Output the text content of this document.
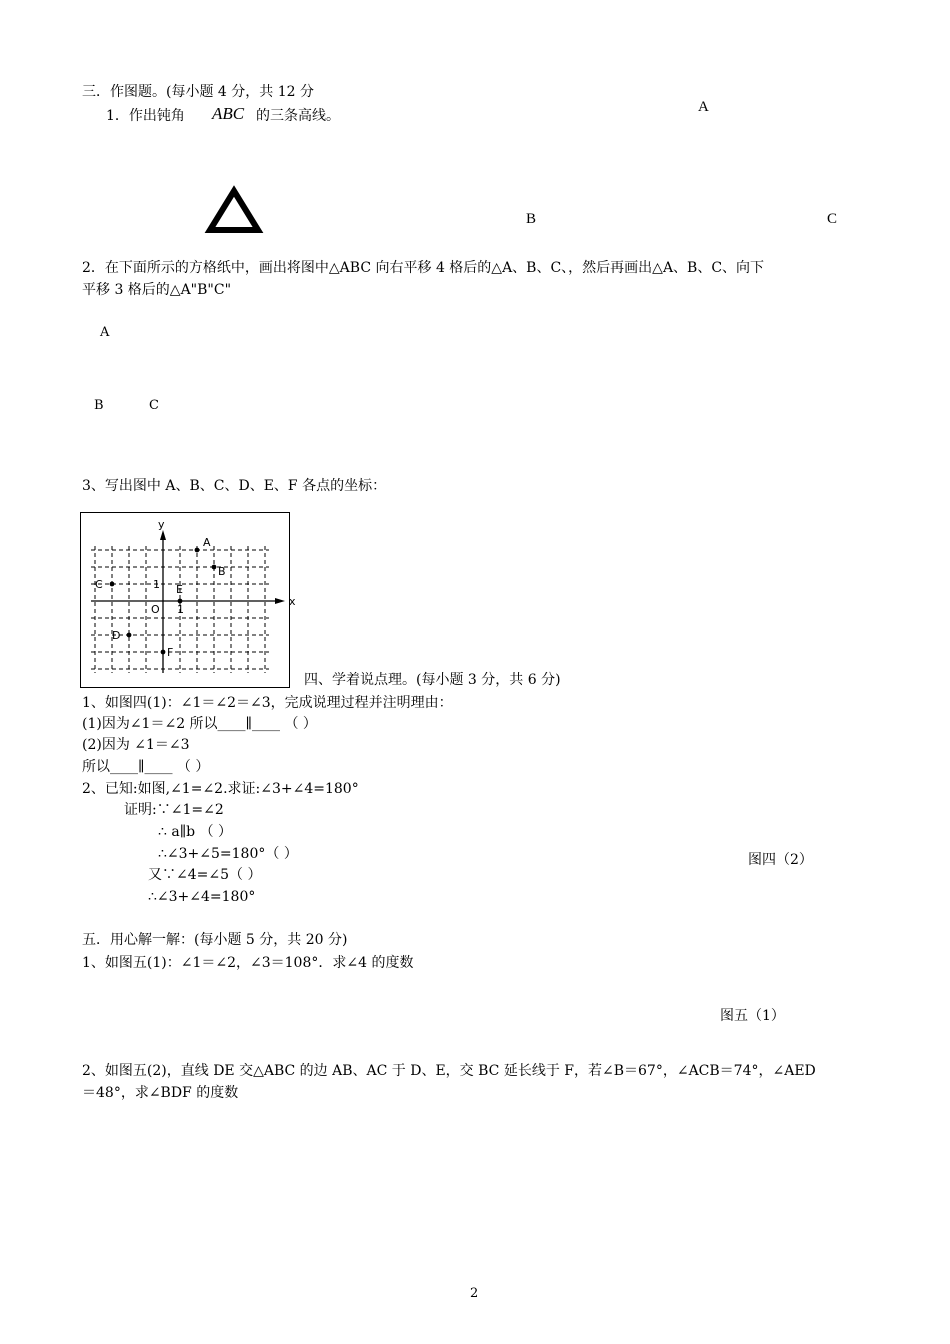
三．作图题。(每小题 4 分，共 12 分
1．作出钝角 ABC 的三条高线。
A
B	C
2．在下面所示的方格纸中，画出将图中△ABC 向右平移 4 格后的△A、B、C、，然后再画出△A、B、C、向下
平移 3 格后的△A"B"C"
A
B	C
3、写出图中 A、B、C、D、E、F 各点的坐标：
x
y
O 1
1
A
B
C
D
E
F
四、学着说点理。(每小题 3 分，共 6 分)
1、如图四(1)：∠1＝∠2＝∠3，完成说理过程并注明理由：
(1)因为∠1＝∠2 所以____∥____ （ ）
(2)因为 ∠1＝∠3
所以____∥____ （ ）
2、已知:如图,∠1=∠2.求证:∠3+∠4=180°
证明:∵∠1=∠2
∴ a∥b （ ）
∴∠3+∠5=180°（ ）
又∵∠4=∠5（ ）
∴∠3+∠4=180°
图四（2）
五．用心解一解：(每小题 5 分，共 20 分)
1、如图五(1)：∠1＝∠2，∠3＝108°．求∠4 的度数
图五（1）
2、如图五(2)，直线 DE 交△ABC 的边 AB、AC 于 D、E，交 BC 延长线于 F，若∠B＝67°，∠ACB＝74°，∠AED
＝48°，求∠BDF 的度数
2
